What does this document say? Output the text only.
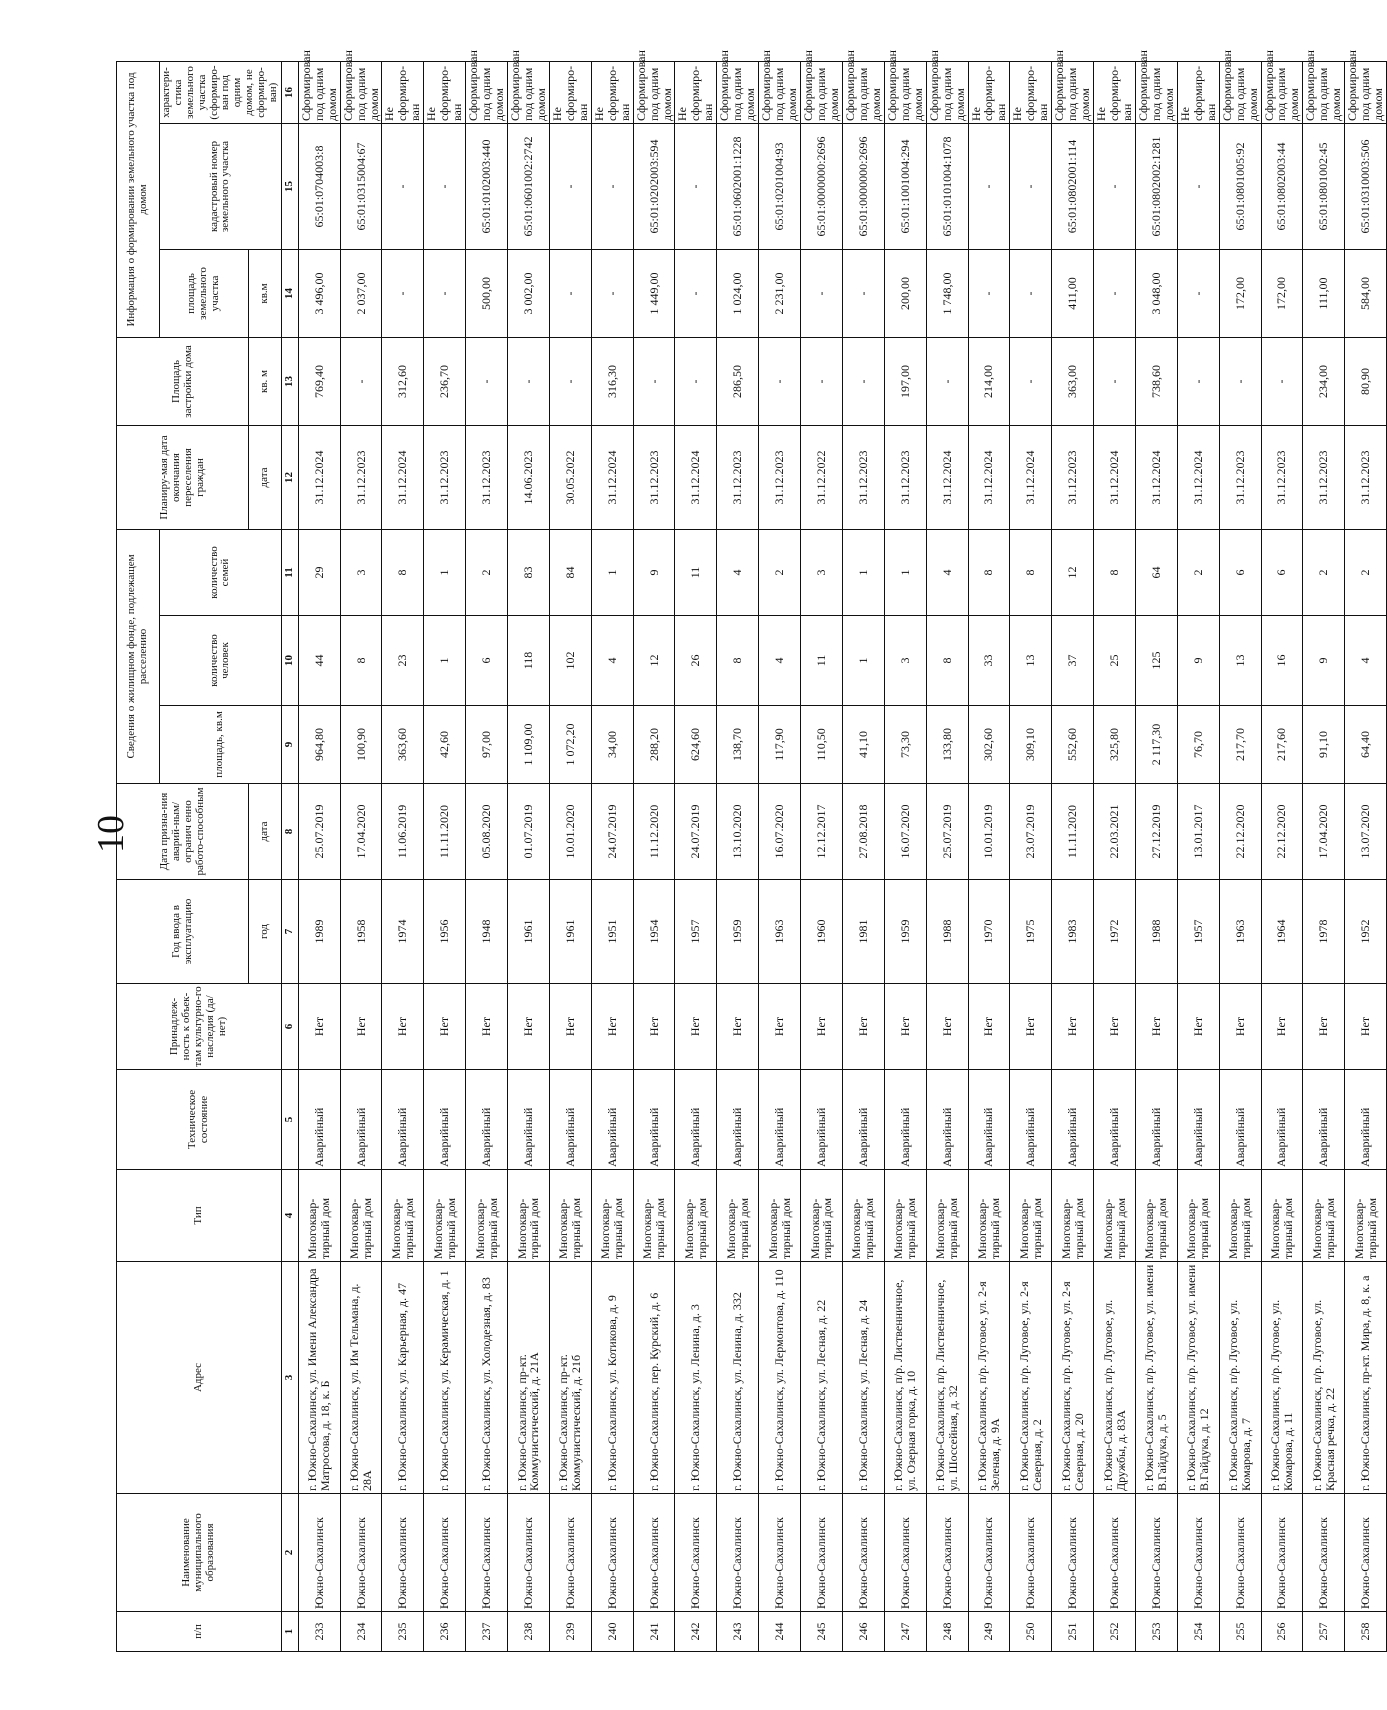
10
п/п	Наименование муниципального образования	Адрес	Тип	Техническое состояние	Принадлеж-ность к объек-там культурно-го наследия (да/нет)	Год ввода в эксплуатацию	Дата призна-ния аварий-ным/огранич енно работо-способным	Сведения о жилищном фонде, подлежащем расселению			Планиру-мая дата окончания переселения граждан	Площадь застройки дома	Информация о формировании земельного участка под домом		
								площадь, кв.м	количество человек	количество семей			площадь земельного участка	кадастровый номер земельного участка	характери-стика земельного участка (сформиро-ван под одним домом, не сформиро-ван)
						год	дата				дата	кв. м	кв.м		
1	2	3	4	5	6	7	8	9	10	11	12	13	14	15	16
233	Южно-Сахалинск	г. Южно-Сахалинск, ул. Имени Александра Матросова, д. 18, к. Б	Многоквар-тирный дом	Аварийный	Нет	1989	25.07.2019	964,80	44	29	31.12.2024	769,40	3 496,00	65:01:0704003:8	Сформирован под одним домом
234	Южно-Сахалинск	г. Южно-Сахалинск, ул. Им Тельмана, д. 28А	Многоквар-тирный дом	Аварийный	Нет	1958	17.04.2020	100,90	8	3	31.12.2023	-	2 037,00	65:01:0315004:67	Сформирован под одним домом
235	Южно-Сахалинск	г. Южно-Сахалинск, ул. Карьерная, д. 47	Многоквар-тирный дом	Аварийный	Нет	1974	11.06.2019	363,60	23	8	31.12.2024	312,60	-	-	Не сформиро-ван
236	Южно-Сахалинск	г. Южно-Сахалинск, ул. Керамическая, д. 1	Многоквар-тирный дом	Аварийный	Нет	1956	11.11.2020	42,60	1	1	31.12.2023	236,70	-	-	Не сформиро-ван
237	Южно-Сахалинск	г. Южно-Сахалинск, ул. Холодезная, д. 83	Многоквар-тирный дом	Аварийный	Нет	1948	05.08.2020	97,00	6	2	31.12.2023	-	500,00	65:01:0102003:440	Сформирован под одним домом
238	Южно-Сахалинск	г. Южно-Сахалинск, пр-кт. Коммунистический, д. 21А	Многоквар-тирный дом	Аварийный	Нет	1961	01.07.2019	1 109,00	118	83	14.06.2023	-	3 002,00	65:01:0601002:2742	Сформирован под одним домом
239	Южно-Сахалинск	г. Южно-Сахалинск, пр-кт. Коммунистический, д. 21б	Многоквар-тирный дом	Аварийный	Нет	1961	10.01.2020	1 072,20	102	84	30.05.2022	-	-	-	Не сформиро-ван
240	Южно-Сахалинск	г. Южно-Сахалинск, ул. Котикова, д. 9	Многоквар-тирный дом	Аварийный	Нет	1951	24.07.2019	34,00	4	1	31.12.2024	316,30	-	-	Не сформиро-ван
241	Южно-Сахалинск	г. Южно-Сахалинск, пер. Курский, д. 6	Многоквар-тирный дом	Аварийный	Нет	1954	11.12.2020	288,20	12	9	31.12.2023	-	1 449,00	65:01:0202003:594	Сформирован под одним домом
242	Южно-Сахалинск	г. Южно-Сахалинск, ул. Ленина, д. 3	Многоквар-тирный дом	Аварийный	Нет	1957	24.07.2019	624,60	26	11	31.12.2024	-	-	-	Не сформиро-ван
243	Южно-Сахалинск	г. Южно-Сахалинск, ул. Ленина, д. 332	Многоквар-тирный дом	Аварийный	Нет	1959	13.10.2020	138,70	8	4	31.12.2023	286,50	1 024,00	65:01:0602001:1228	Сформирован под одним домом
244	Южно-Сахалинск	г. Южно-Сахалинск, ул. Лермонтова, д. 110	Многоквар-тирный дом	Аварийный	Нет	1963	16.07.2020	117,90	4	2	31.12.2023	-	2 231,00	65:01:0201004:93	Сформирован под одним домом
245	Южно-Сахалинск	г. Южно-Сахалинск, ул. Лесная, д. 22	Многоквар-тирный дом	Аварийный	Нет	1960	12.12.2017	110,50	11	3	31.12.2022	-	-	65:01:0000000:2696	Сформирован под одним домом
246	Южно-Сахалинск	г. Южно-Сахалинск, ул. Лесная, д. 24	Многоквар-тирный дом	Аварийный	Нет	1981	27.08.2018	41,10	1	1	31.12.2023	-	-	65:01:0000000:2696	Сформирован под одним домом
247	Южно-Сахалинск	г. Южно-Сахалинск, п/р. Листвeнничное, ул. Озерная горка, д. 10	Многоквар-тирный дом	Аварийный	Нет	1959	16.07.2020	73,30	3	1	31.12.2023	197,00	200,00	65:01:1001004:294	Сформирован под одним домом
248	Южно-Сахалинск	г. Южно-Сахалинск, п/р. Листвeнничное, ул. Шоссейная, д. 32	Многоквар-тирный дом	Аварийный	Нет	1988	25.07.2019	133,80	8	4	31.12.2024	-	1 748,00	65:01:0101004:1078	Сформирован под одним домом
249	Южно-Сахалинск	г. Южно-Сахалинск, п/р. Луговое, ул. 2-я Зеленая, д. 9А	Многоквар-тирный дом	Аварийный	Нет	1970	10.01.2019	302,60	33	8	31.12.2024	214,00	-	-	Не сформиро-ван
250	Южно-Сахалинск	г. Южно-Сахалинск, п/р. Луговое, ул. 2-я Северная, д. 2	Многоквар-тирный дом	Аварийный	Нет	1975	23.07.2019	309,10	13	8	31.12.2024	-	-	-	Не сформиро-ван
251	Южно-Сахалинск	г. Южно-Сахалинск, п/р. Луговое, ул. 2-я Северная, д. 20	Многоквар-тирный дом	Аварийный	Нет	1983	11.11.2020	552,60	37	12	31.12.2023	363,00	411,00	65:01:0802001:114	Сформирован под одним домом
252	Южно-Сахалинск	г. Южно-Сахалинск, п/р. Луговое, ул. Дружбы, д. 83А	Многоквар-тирный дом	Аварийный	Нет	1972	22.03.2021	325,80	25	8	31.12.2024	-	-	-	Не сформиро-ван
253	Южно-Сахалинск	г. Южно-Сахалинск, п/р. Луговое, ул. имени В.Гайдука, д. 5	Многоквар-тирный дом	Аварийный	Нет	1988	27.12.2019	2 117,30	125	64	31.12.2024	738,60	3 048,00	65:01:0802002:1281	Сформирован под одним домом
254	Южно-Сахалинск	г. Южно-Сахалинск, п/р. Луговое, ул. имени В.Гайдука, д. 12	Многоквар-тирный дом	Аварийный	Нет	1957	13.01.2017	76,70	9	2	31.12.2024	-	-	-	Не сформиро-ван
255	Южно-Сахалинск	г. Южно-Сахалинск, п/р. Луговое, ул. Комарова, д. 7	Многоквар-тирный дом	Аварийный	Нет	1963	22.12.2020	217,70	13	6	31.12.2023	-	172,00	65:01:0801005:92	Сформирован под одним домом
256	Южно-Сахалинск	г. Южно-Сахалинск, п/р. Луговое, ул. Комарова, д. 11	Многоквар-тирный дом	Аварийный	Нет	1964	22.12.2020	217,60	16	6	31.12.2023	-	172,00	65:01:0802003:44	Сформирован под одним домом
257	Южно-Сахалинск	г. Южно-Сахалинск, п/р. Луговое, ул. Красная речка, д. 22	Многоквар-тирный дом	Аварийный	Нет	1978	17.04.2020	91,10	9	2	31.12.2023	234,00	111,00	65:01:0801002:45	Сформирован под одним домом
258	Южно-Сахалинск	г. Южно-Сахалинск, пр-кт. Мира, д. 8, к. а	Многоквар-тирный дом	Аварийный	Нет	1952	13.07.2020	64,40	4	2	31.12.2023	80,90	584,00	65:01:0310003:506	Сформирован под одним домом
